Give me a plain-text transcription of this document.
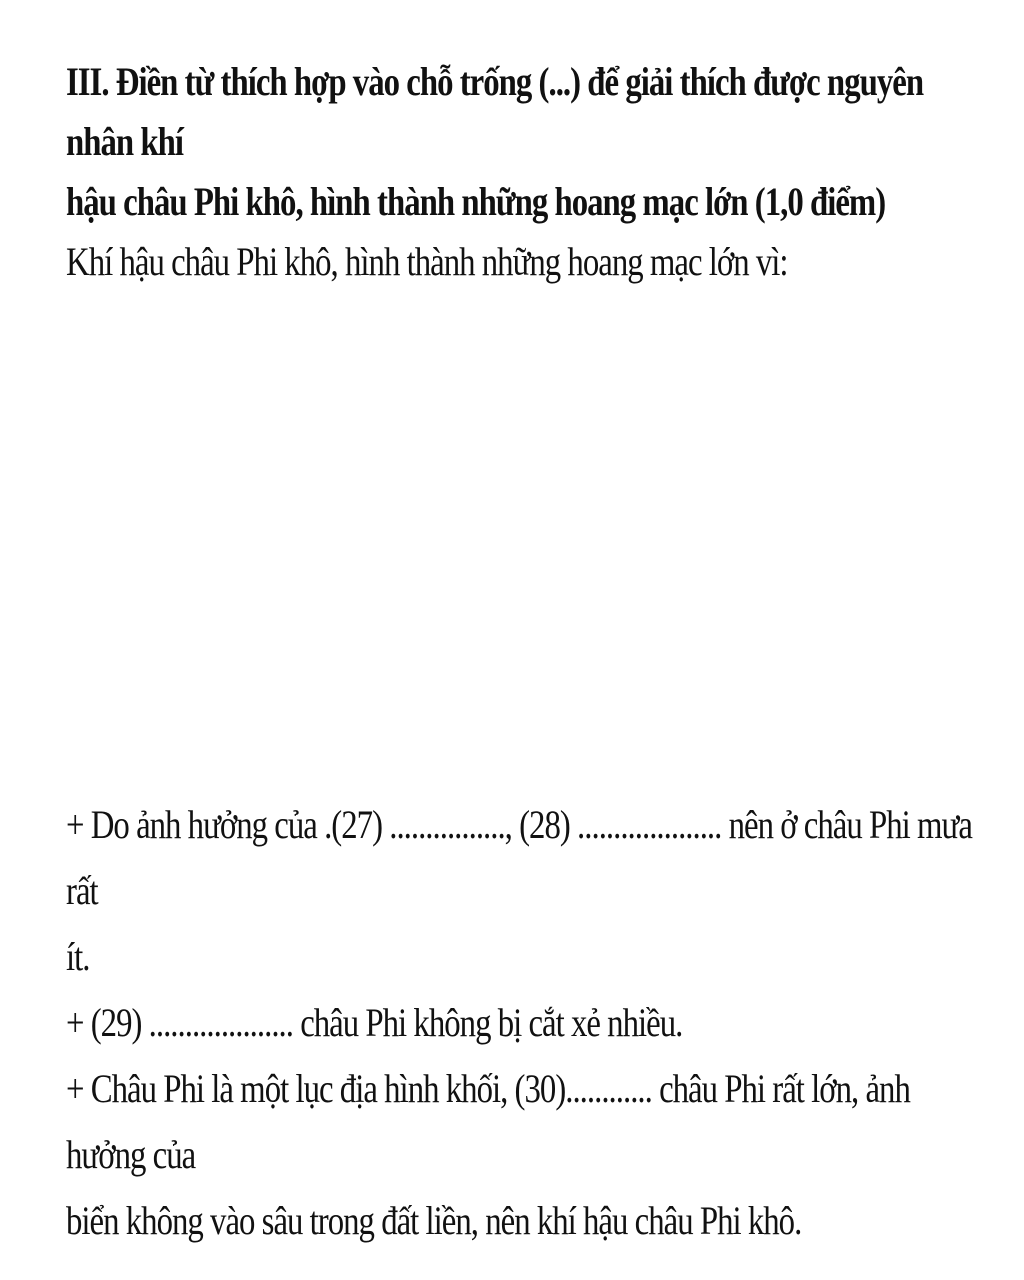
III. Điền từ thích hợp vào chỗ trống (...) để giải thích được nguyên nhân khí

hậu châu Phi khô, hình thành những hoang mạc lớn (1,0 điểm)

Khí hậu châu Phi khô, hình thành những hoang mạc lớn vì:

+ Do ảnh hưởng của .(27) ................, (28) .................... nên ở châu Phi mưa rất

ít.

+ (29) .................... châu Phi không bị cắt xẻ nhiều.

+ Châu Phi là một lục địa hình khối, (30)............ châu Phi rất lớn, ảnh hưởng của

biển không vào sâu trong đất liền, nên khí hậu châu Phi khô.
